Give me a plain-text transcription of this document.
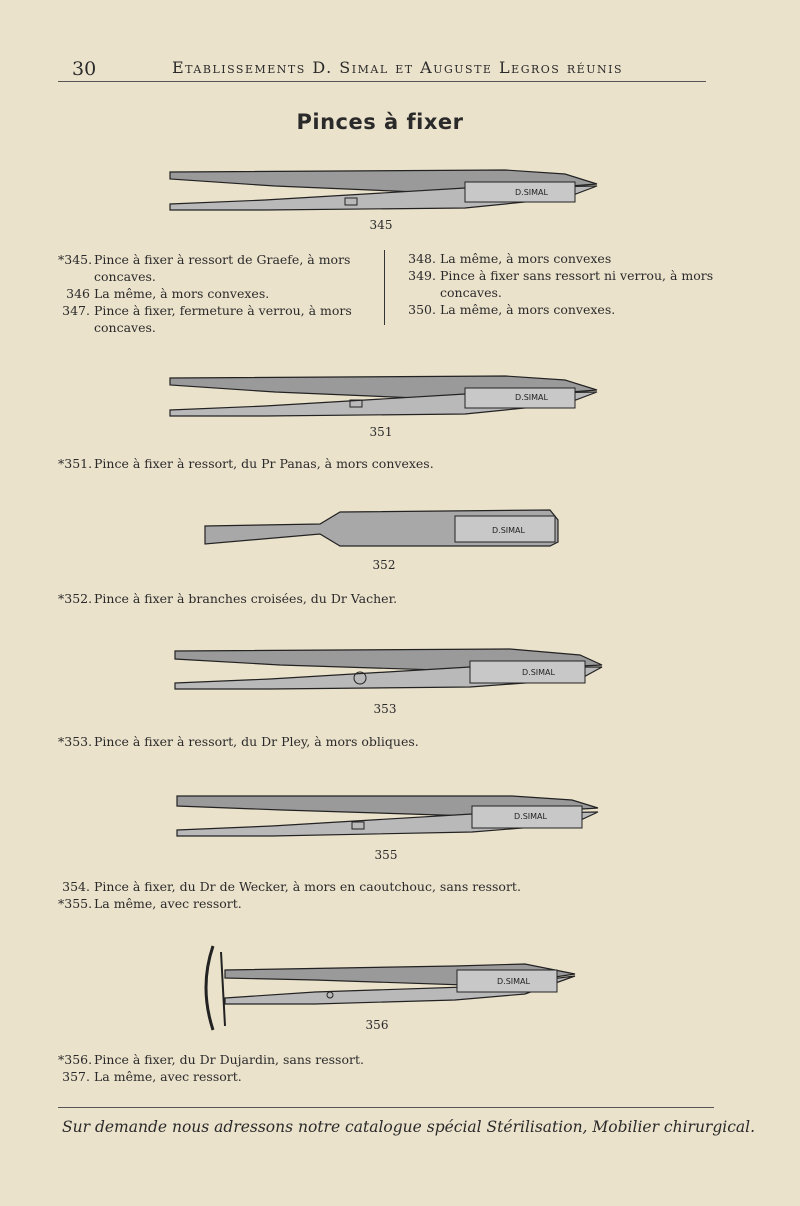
30	Etablissements D. Simal et Auguste Legros réunis
Pinces à fixer
D.SIMAL
345
*345. Pince à fixer à ressort de Graefe, à mors concaves.
346 La même, à mors convexes.
347. Pince à fixer, fermeture à verrou, à mors concaves.
348. La même, à mors convexes
349. Pince à fixer sans ressort ni verrou, à mors concaves.
350. La même, à mors convexes.
D.SIMAL
351
*351. Pince à fixer à ressort, du Pr Panas, à mors convexes.
D.SIMAL
352
*352. Pince à fixer à branches croisées, du Dr Vacher.
D.SIMAL
353
*353. Pince à fixer à ressort, du Dr Pley, à mors obliques.
D.SIMAL
355
354. Pince à fixer, du Dr de Wecker, à mors en caoutchouc, sans ressort.
*355. La même, avec ressort.
D.SIMAL
356
*356. Pince à fixer, du Dr Dujardin, sans ressort.
357. La même, avec ressort.
Sur demande nous adressons notre catalogue spécial Stérilisation, Mobilier chirurgical.
